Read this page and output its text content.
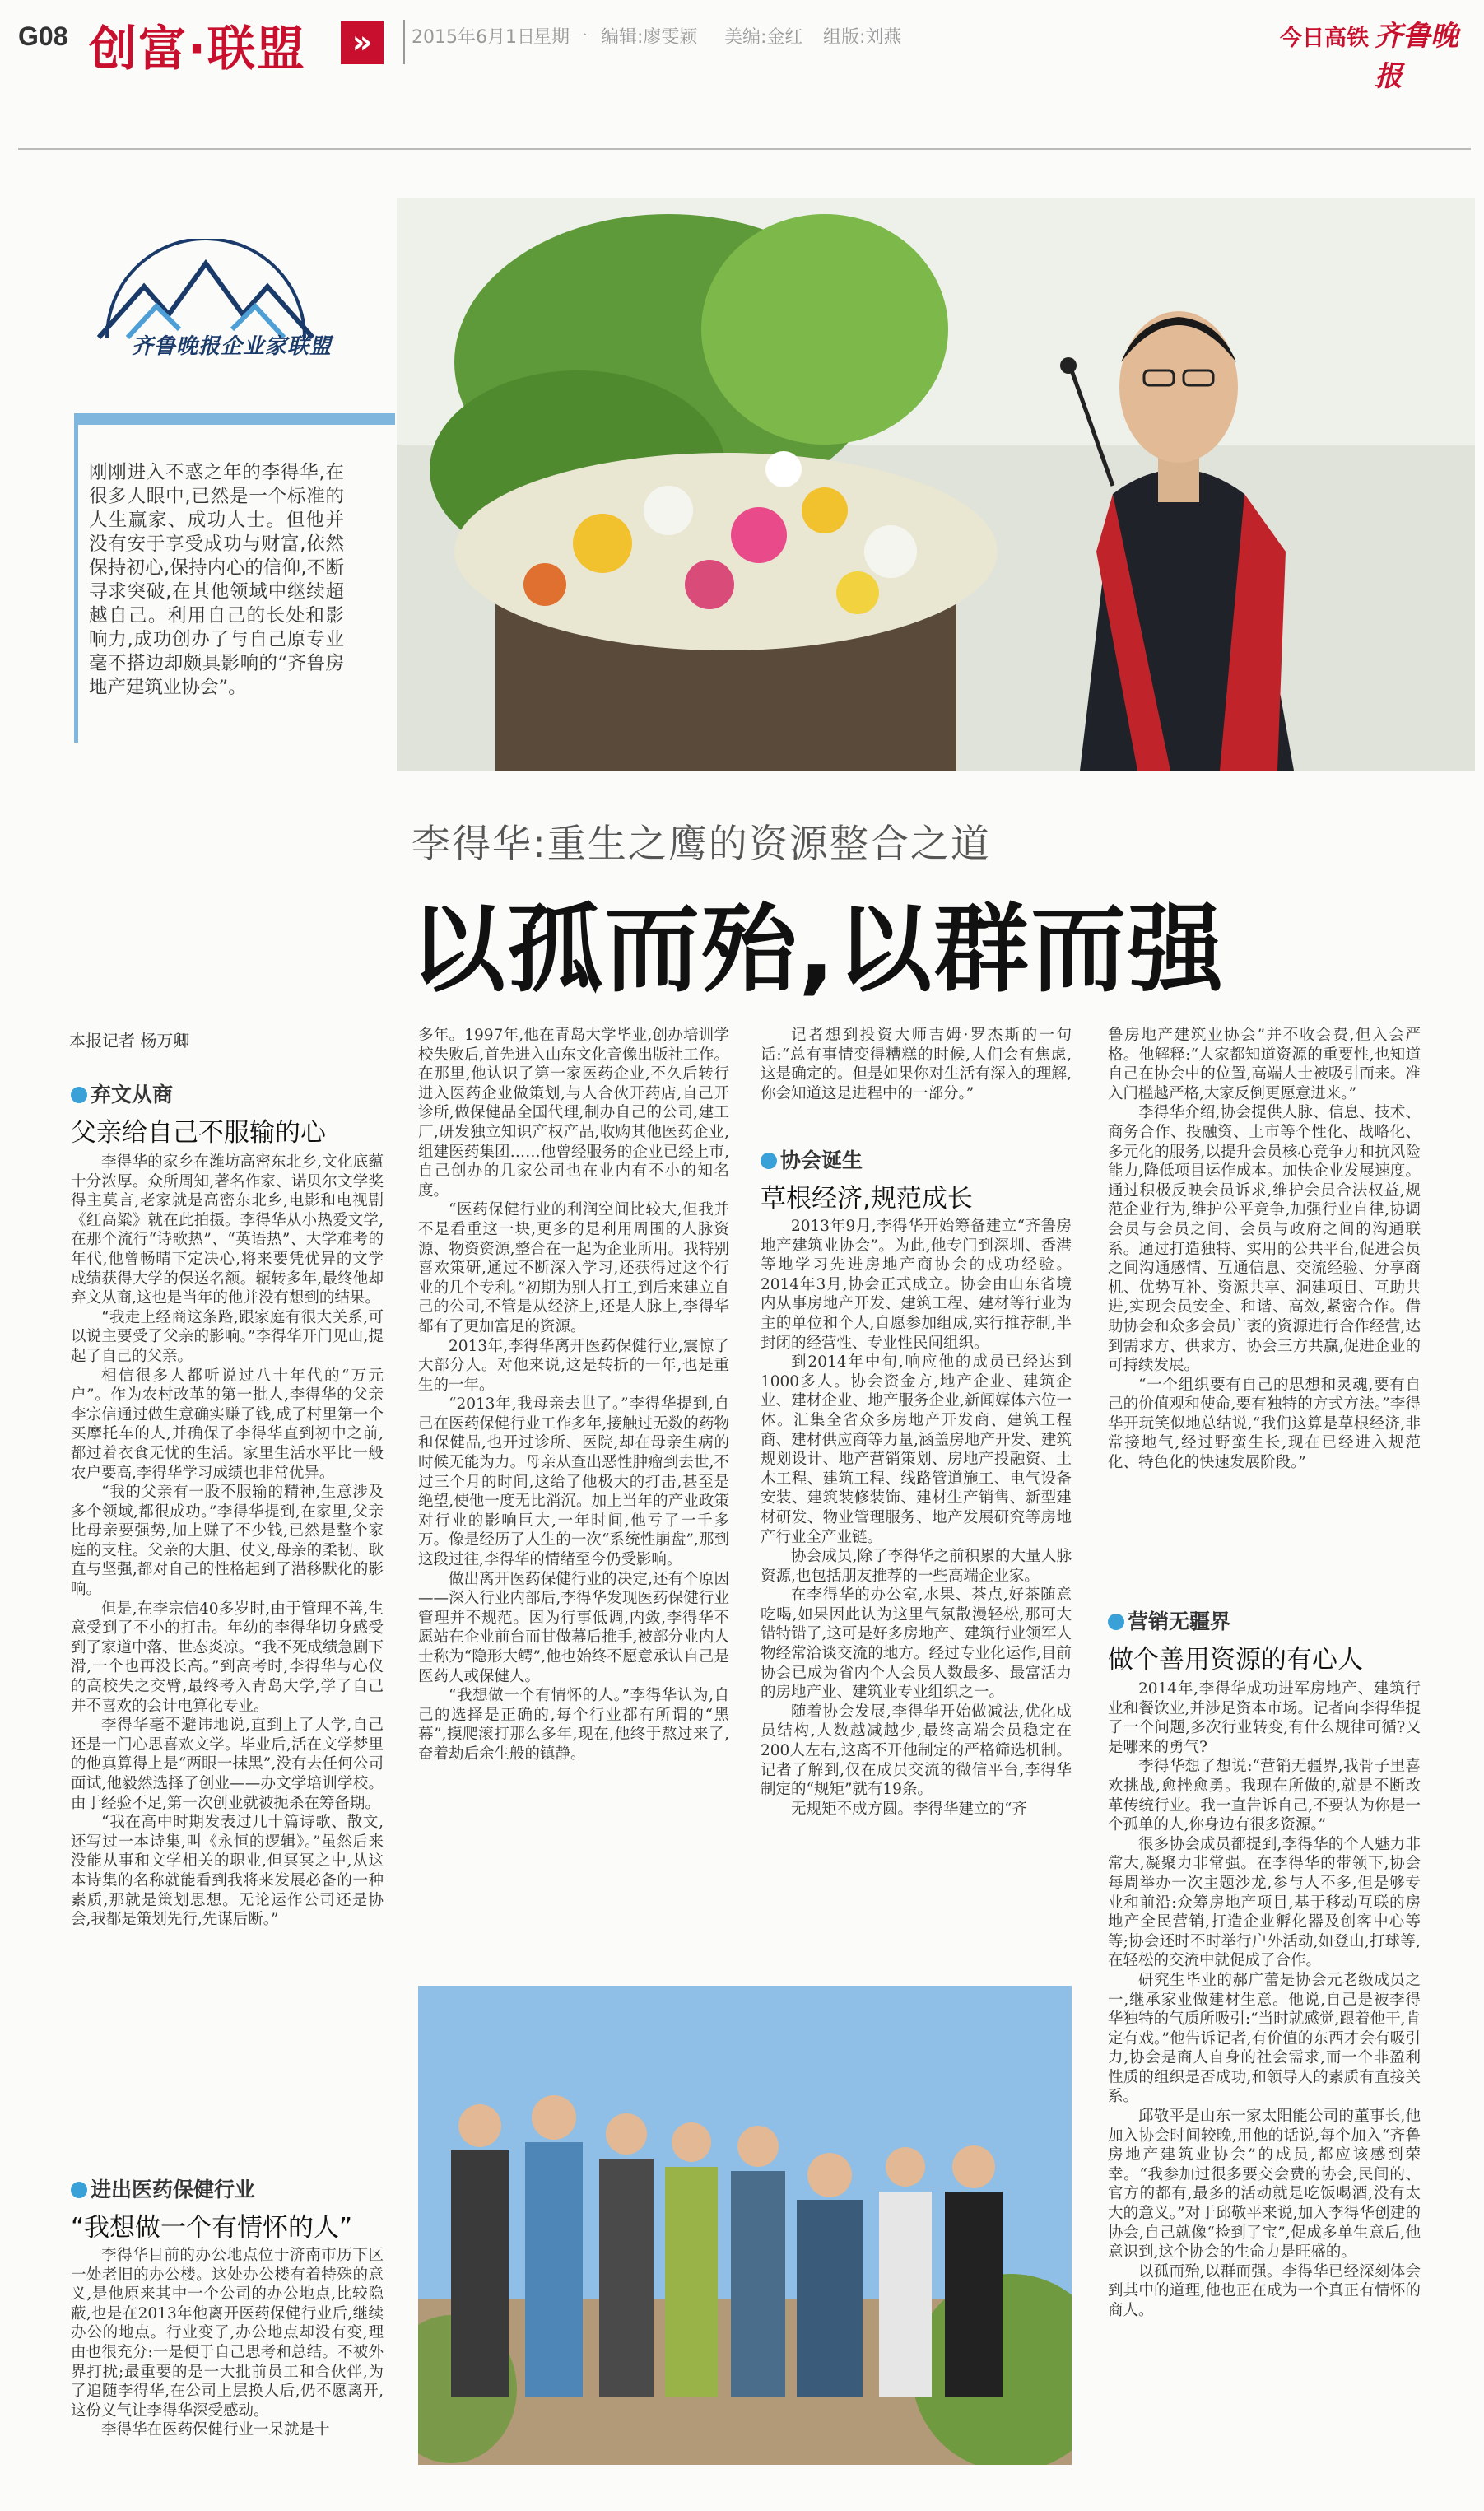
G08 创富·联盟	»	2015年6月1日
星期一 编辑:廖雯颖 美编:金红 组版:刘燕	今日高铁 齐鲁晚报
齐鲁晚报企业家联盟
刚刚进入不惑之年的李得华,在很多人眼中,已然是一个标准的人生赢家、成功人士。但他并没有安于享受成功与财富,依然保持初心,保持内心的信仰,不断寻求突破,在其他领域中继续超越自己。利用自己的长处和影响力,成功创办了与自己原专业毫不搭边却颇具影响的“齐鲁房地产建筑业协会”。
李得华:重生之鹰的资源整合之道
以孤而殆,以群而强
本报记者 杨万卿
弃文从商
父亲给自己不服输的心

李得华的家乡在潍坊高密东北乡,文化底蕴十分浓厚。众所周知,著名作家、诺贝尔文学奖得主莫言,老家就是高密东北乡,电影和电视剧《红高粱》就在此拍摄。李得华从小热爱文学,在那个流行“诗歌热”、“英语热”、大学难考的年代,他曾畅晴下定决心,将来要凭优异的文学成绩获得大学的保送名额。辗转多年,最终他却弃文从商,这也是当年的他并没有想到的结果。

“我走上经商这条路,跟家庭有很大关系,可以说主要受了父亲的影响。”李得华开门见山,提起了自己的父亲。

相信很多人都听说过八十年代的“万元户”。作为农村改革的第一批人,李得华的父亲李宗信通过做生意确实赚了钱,成了村里第一个买摩托车的人,并确保了李得华直到初中之前,都过着衣食无忧的生活。家里生活水平比一般农户要高,李得华学习成绩也非常优异。

“我的父亲有一股不服输的精神,生意涉及多个领域,都很成功。”李得华提到,在家里,父亲比母亲要强势,加上赚了不少钱,已然是整个家庭的支柱。父亲的大胆、仗义,母亲的柔韧、耿直与坚强,都对自己的性格起到了潜移默化的影响。

但是,在李宗信40多岁时,由于管理不善,生意受到了不小的打击。年幼的李得华切身感受到了家道中落、世态炎凉。“我不死成绩急剧下滑,一个也再没长高。”到高考时,李得华与心仪的高校失之交臂,最终考入青岛大学,学了自己并不喜欢的会计电算化专业。

李得华毫不避讳地说,直到上了大学,自己还是一门心思喜欢文学。毕业后,活在文学梦里的他真算得上是“两眼一抹黑”,没有去任何公司面试,他毅然选择了创业——办文学培训学校。由于经验不足,第一次创业就被扼杀在筹备期。

“我在高中时期发表过几十篇诗歌、散文,还写过一本诗集,叫《永恒的逻辑》。”虽然后来没能从事和文学相关的职业,但冥冥之中,从这本诗集的名称就能看到我将来发展必备的一种素质,那就是策划思想。无论运作公司还是协会,我都是策划先行,先谋后断。”

进出医药保健行业
“我想做一个有情怀的人”

李得华目前的办公地点位于济南市历下区一处老旧的办公楼。这处办公楼有着特殊的意义,是他原来其中一个公司的办公地点,比较隐蔽,也是在2013年他离开医药保健行业后,继续办公的地点。行业变了,办公地点却没有变,理由也很充分:一是便于自己思考和总结。不被外界打扰;最重要的是一大批前员工和合伙伴,为了追随李得华,在公司上层换人后,仍不愿离开,这份义气让李得华深受感动。

李得华在医药保健行业一呆就是十

多年。1997年,他在青岛大学毕业,创办培训学校失败后,首先进入山东文化音像出版社工作。在那里,他认识了第一家医药企业,不久后转行进入医药企业做策划,与人合伙开药店,自己开诊所,做保健品全国代理,制办自己的公司,建工厂,研发独立知识产权产品,收购其他医药企业,组建医药集团……他曾经服务的企业已经上市,自己创办的几家公司也在业内有不小的知名度。

“医药保健行业的利润空间比较大,但我并不是看重这一块,更多的是利用周围的人脉资源、物资资源,整合在一起为企业所用。我特别喜欢策研,通过不断深入学习,还获得过这个行业的几个专利。”初期为别人打工,到后来建立自己的公司,不管是从经济上,还是人脉上,李得华都有了更加富足的资源。

2013年,李得华离开医药保健行业,震惊了大部分人。对他来说,这是转折的一年,也是重生的一年。

“2013年,我母亲去世了。”李得华提到,自己在医药保健行业工作多年,接触过无数的药物和保健品,也开过诊所、医院,却在母亲生病的时候无能为力。母亲从查出恶性肿瘤到去世,不过三个月的时间,这给了他极大的打击,甚至是绝望,使他一度无比消沉。加上当年的产业政策对行业的影响巨大,一年时间,他亏了一千多万。像是经历了人生的一次“系统性崩盘”,那到这段过往,李得华的情绪至今仍受影响。

做出离开医药保健行业的决定,还有个原因——深入行业内部后,李得华发现医药保健行业管理并不规范。因为行事低调,内敛,李得华不愿站在企业前台而甘做幕后推手,被部分业内人士称为“隐形大鳄”,他也始终不愿意承认自己是医药人或保健人。

“我想做一个有情怀的人。”李得华认为,自己的选择是正确的,每个行业都有所谓的“黑幕”,摸爬滚打那么多年,现在,他终于熬过来了,奋着劫后余生般的镇静。

记者想到投资大师吉姆·罗杰斯的一句话:“总有事情变得糟糕的时候,人们会有焦虑,这是确定的。但是如果你对生活有深入的理解,你会知道这是进程中的一部分。”

协会诞生
草根经济,规范成长

2013年9月,李得华开始筹备建立“齐鲁房地产建筑业协会”。为此,他专门到深圳、香港等地学习先进房地产商协会的成功经验。2014年3月,协会正式成立。协会由山东省境内从事房地产开发、建筑工程、建材等行业为主的单位和个人,自愿参加组成,实行推荐制,半封闭的经营性、专业性民间组织。

到2014年中旬,响应他的成员已经达到1000多人。协会资金方,地产企业、建筑企业、建材企业、地产服务企业,新闻媒体六位一体。汇集全省众多房地产开发商、建筑工程商、建材供应商等力量,涵盖房地产开发、建筑规划设计、地产营销策划、房地产投融资、土木工程、建筑工程、线路管道施工、电气设备安装、建筑装修装饰、建材生产销售、新型建材研发、物业管理服务、地产发展研究等房地产行业全产业链。

协会成员,除了李得华之前积累的大量人脉资源,也包括朋友推荐的一些高端企业家。

在李得华的办公室,水果、茶点,好茶随意吃喝,如果因此认为这里气氛散漫轻松,那可大错特错了,这可是好多房地产、建筑行业领军人物经常洽谈交流的地方。经过专业化运作,目前协会已成为省内个人会员人数最多、最富活力的房地产业、建筑业专业组织之一。

随着协会发展,李得华开始做减法,优化成员结构,人数越减越少,最终高端会员稳定在200人左右,这离不开他制定的严格筛选机制。记者了解到,仅在成员交流的微信平台,李得华制定的“规矩”就有19条。

无规矩不成方圆。李得华建立的“齐

鲁房地产建筑业协会”并不收会费,但入会严格。他解释:“大家都知道资源的重要性,也知道自己在协会中的位置,高端人士被吸引而来。准入门槛越严格,大家反倒更愿意进来。”

李得华介绍,协会提供人脉、信息、技术、商务合作、投融资、上市等个性化、战略化、多元化的服务,以提升会员核心竞争力和抗风险能力,降低项目运作成本。加快企业发展速度。通过积极反映会员诉求,维护会员合法权益,规范企业行为,维护公平竞争,加强行业自律,协调会员与会员之间、会员与政府之间的沟通联系。通过打造独特、实用的公共平台,促进会员之间沟通感情、互通信息、交流经验、分享商机、优势互补、资源共享、洞建项目、互助共进,实现会员安全、和谐、高效,紧密合作。借助协会和众多会员广袤的资源进行合作经营,达到需求方、供求方、协会三方共赢,促进企业的可持续发展。

“一个组织要有自己的思想和灵魂,要有自己的价值观和使命,要有独特的方式方法。”李得华开玩笑似地总结说,“我们这算是草根经济,非常接地气,经过野蛮生长,现在已经进入规范化、特色化的快速发展阶段。”

营销无疆界
做个善用资源的有心人

2014年,李得华成功进军房地产、建筑行业和餐饮业,并涉足资本市场。记者向李得华提了一个问题,多次行业转变,有什么规律可循?又是哪来的勇气?

李得华想了想说:“营销无疆界,我骨子里喜欢挑战,愈挫愈勇。我现在所做的,就是不断改革传统行业。我一直告诉自己,不要认为你是一个孤单的人,你身边有很多资源。”

很多协会成员都提到,李得华的个人魅力非常大,凝聚力非常强。在李得华的带领下,协会每周举办一次主题沙龙,参与人不多,但是够专业和前沿:众筹房地产项目,基于移动互联的房地产全民营销,打造企业孵化器及创客中心等等;协会还时不时举行户外活动,如登山,打球等,在轻松的交流中就促成了合作。

研究生毕业的郝广蕾是协会元老级成员之一,继承家业做建材生意。他说,自己是被李得华独特的气质所吸引:“当时就感觉,跟着他干,肯定有戏。”他告诉记者,有价值的东西才会有吸引力,协会是商人自身的社会需求,而一个非盈利性质的组织是否成功,和领导人的素质有直接关系。

邱敬平是山东一家太阳能公司的董事长,他加入协会时间较晚,用他的话说,每个加入“齐鲁房地产建筑业协会”的成员,都应该感到荣幸。“我参加过很多要交会费的协会,民间的、官方的都有,最多的活动就是吃饭喝酒,没有太大的意义。”对于邱敬平来说,加入李得华创建的协会,自己就像“捡到了宝”,促成多单生意后,他意识到,这个协会的生命力是旺盛的。

以孤而殆,以群而强。李得华已经深刻体会到其中的道理,他也正在成为一个真正有情怀的商人。
